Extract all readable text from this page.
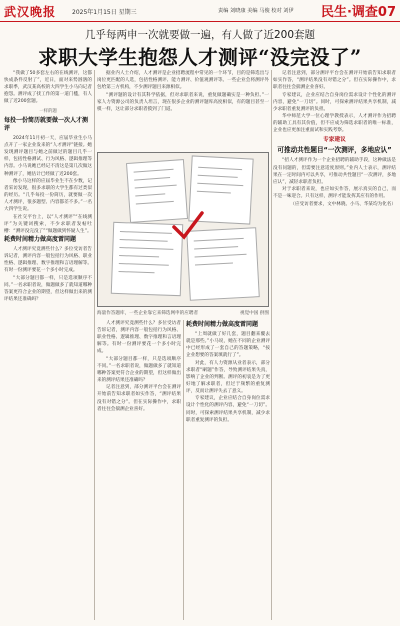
武汉晚报	2025年1月15日 星期三	责编 刘晓康 美编 马俊 校对 刘伊 民生·调查07
几乎每两申一次就要做一遍，有人做了近200套题
求职大学生抱怨人才测评“没完没了”

“我做了50多套左右的在线测评，这都快成条件反射了”，近日，面对来势汹汹的求职季，武汉某高校的大四学生小马向记者抱怨。测评成了找工作的第一道门槛，有人做了近200套题。

一样的题
每投一份简历就要做一次人才测评

2024年11月初一天，应届毕业生小马点开了一家企业发来的“人才测评”链接。她发现测评题目与她之前做过的题目几乎一样，包括性格测试、行为风格、逻辑推理等内容。小马说她已经记不清这是第几次做这种测评了，她估计已经做了近200套。

像小马这样的应届毕业生不在少数，记者采访发现，很多求职的大学生都有过类似的经历。“几乎每投一份简历，就要做一次人才测评，很多题型、内容都差不多。”一名大四学生说。

在社交平台上，以“人才测评”“在线测评”为关键词搜索，不少求职者发帖吐槽：“测评没完没了”“做题做到怀疑人生”。

耗费时间精力做高度雷同题

人才测评究竟测些什么？多位受访者告诉记者，测评内容一般包括行为风格、职业性格、逻辑推理、数字推理和言语理解等。有时一份测评要花一个多小时完成。

“大部分题目都一样，只是选项顺序不同。”一名求职者说，做题做多了就知道哪种答案更符合企业的期望，但这样做出来的测评结果还准确吗？

据业内人士介绍，人才测评是企业招聘流程中常见的一个环节，目的是筛选出与岗位更匹配的人选，包括性格测评、能力测评、价值观测评等。一些企业会将测评外包给第三方机构，不少测评题目来源相似。

“测评题的设计有其科学依据，但对求职者来说，重复做题确实是一种负担。”一家人力资源公司的负责人坦言，现在很多企业的测评题库高度相似，有的题目甚至一模一样，这让部分求职者摸到了门道。

海量作答题库，一些企业靠它来筛选网申的应聘者	视觉中国 供图

人才测评究竟测些什么？多位受访者告诉记者，测评内容一般包括行为风格、职业性格、逻辑推理、数字推理和言语理解等。有时一份测评要花一个多小时完成。

“大部分题目都一样，只是选项顺序不同。”一名求职者说，做题做多了就知道哪种答案更符合企业的期望，但这样做出来的测评结果还准确吗？

记者注意到，部分测评平台会在测评开始前告知求职者如实作答，“测评结果没有对错之分”。但在实际操作中，求职者往往会揣测企业喜好。

耗费时间精力做高度雷同题

“上周就做了好几套，题目翻来覆去就是那些。”小马说，她在不同的企业测评中已经形成了一套自己的答题策略，“按企业想要的答案填就行了”。

对此，有人力资源从业者表示，部分求职者“刷题”作答，导致测评结果失真，影响了企业的判断。测评的初衷是为了更好地了解求职者，但过于频繁的重复测评，反而让测评失去了意义。

专家建议，企业应结合自身岗位需求设计个性化的测评内容，避免“一刀切”。同时，可探索测评结果共享机制，减少求职者重复测评的负担。

记者注意到，部分测评平台会在测评开始前告知求职者如实作答，“测评结果没有对错之分”。但在实际操作中，求职者往往会揣测企业喜好。

专家建议，企业应结合自身岗位需求设计个性化的测评内容，避免“一刀切”。同时，可探索测评结果共享机制，减少求职者重复测评的负担。

华中师范大学一位心理学教授表示，人才测评作为招聘的辅助工具有其价值，但不应成为筛选求职者的唯一标准，企业也应更加注重面试和实践考察。

专家建议
可推动共性题目“一次测评，多地应认”

“招人才测评作为一个企业招聘的辅助手段，这种做法是没有问题的，但需要注意适度原则。”业内人士表示，测评结果在一定时间内可以共享，可推动共性题目“一次测评，多地应认”，减轻求职者负担。

对于求职者来说，也应如实作答，展示真实的自己，而不是一味迎合。只有这样，测评才能发挥其应有的作用。

（应受访者要求，文中林晓、小马、华某均为化名）
